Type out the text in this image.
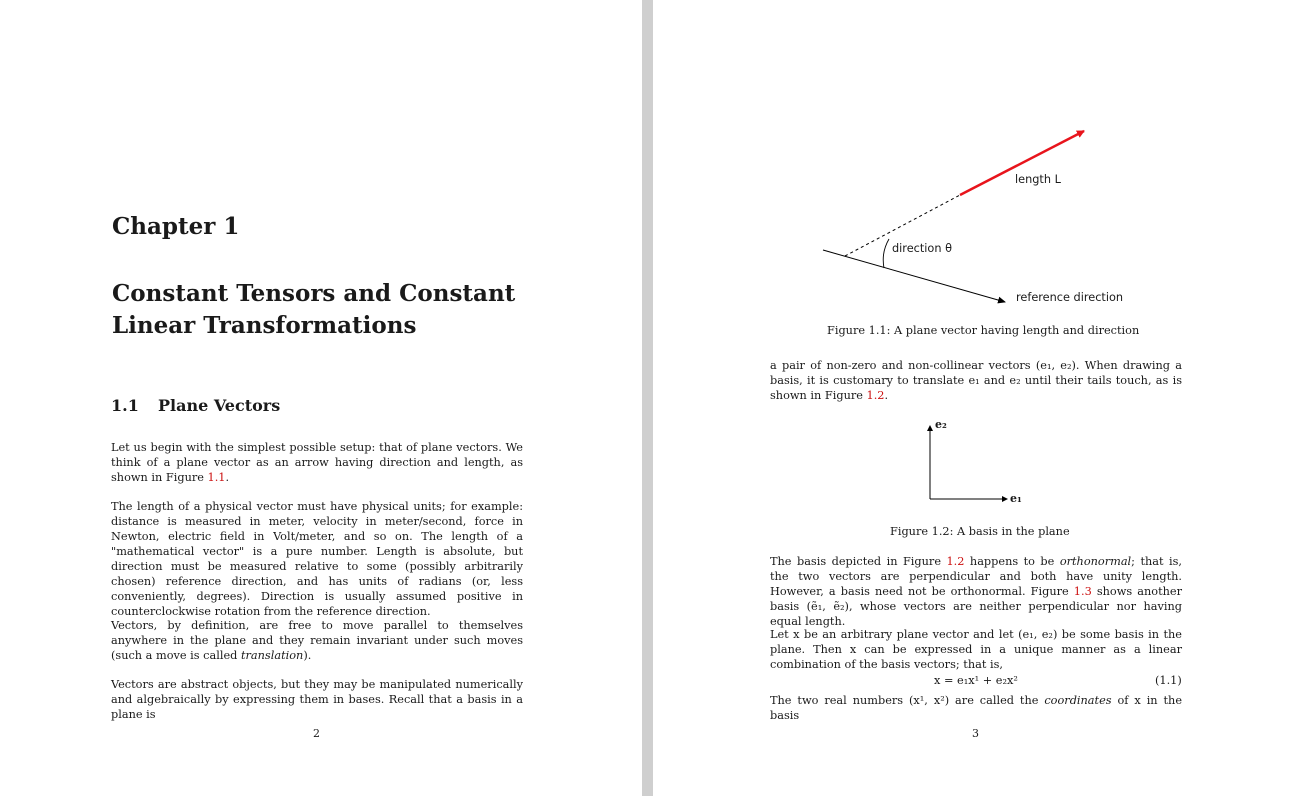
Chapter 1
Constant Tensors and Constant Linear Transformations
1.1 Plane Vectors
Let us begin with the simplest possible setup: that of plane vectors. We think of a plane vector as an arrow having direction and length, as shown in Figure 1.1.
The length of a physical vector must have physical units; for example: distance is measured in meter, velocity in meter/second, force in Newton, electric field in Volt/meter, and so on. The length of a "mathematical vector" is a pure number. Length is absolute, but direction must be measured relative to some (possibly arbitrarily chosen) reference direction, and has units of radians (or, less conveniently, degrees). Direction is usually assumed positive in counterclockwise rotation from the reference direction.
Vectors, by definition, are free to move parallel to themselves anywhere in the plane and they remain invariant under such moves (such a move is called translation).
Vectors are abstract objects, but they may be manipulated numerically and algebraically by expressing them in bases. Recall that a basis in a plane is
2
length L
direction θ
reference direction
Figure 1.1: A plane vector having length and direction
a pair of non-zero and non-collinear vectors (e₁, e₂). When drawing a basis, it is customary to translate e₁ and e₂ until their tails touch, as is shown in Figure 1.2.
e₂
e₁
Figure 1.2: A basis in the plane
The basis depicted in Figure 1.2 happens to be orthonormal; that is, the two vectors are perpendicular and both have unity length. However, a basis need not be orthonormal. Figure 1.3 shows another basis (ẽ₁, ẽ₂), whose vectors are neither perpendicular nor having equal length.
Let x be an arbitrary plane vector and let (e₁, e₂) be some basis in the plane. Then x can be expressed in a unique manner as a linear combination of the basis vectors; that is,
x = e₁x¹ + e₂x²	(1.1)
The two real numbers (x¹, x²) are called the coordinates of x in the basis
3
